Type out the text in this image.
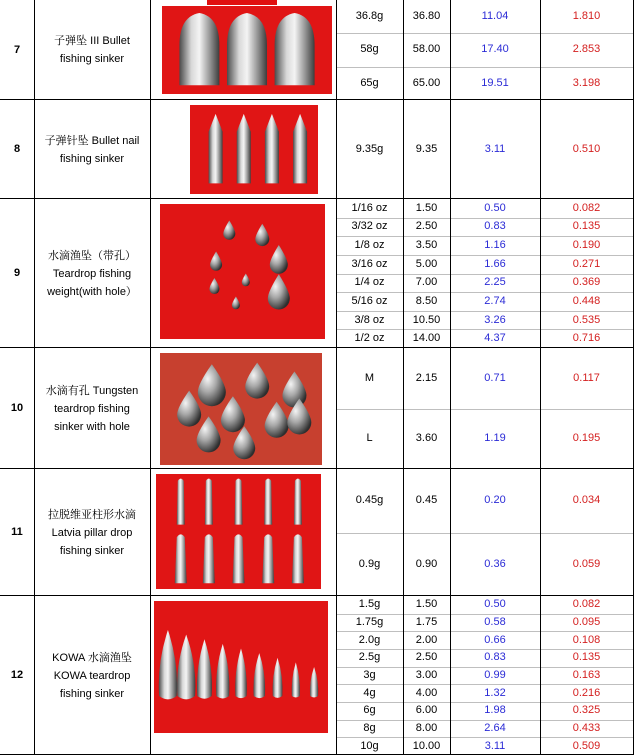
7
子弹坠 III Bullet
fishing sinker
36.8g	36.80	11.04	1.810
58g	58.00	17.40	2.853
65g	65.00	19.51	3.198
8
子弹针坠 Bullet nail
fishing sinker
9.35g	9.35	3.11	0.510
9
水滴渔坠（带孔）
Teardrop fishing
weight(with hole）
1/16 oz	1.50	0.50	0.082
3/32 oz	2.50	0.83	0.135
1/8 oz	3.50	1.16	0.190
3/16 oz	5.00	1.66	0.271
1/4 oz	7.00	2.25	0.369
5/16 oz	8.50	2.74	0.448
3/8 oz	10.50	3.26	0.535
1/2 oz	14.00	4.37	0.716
10
水滴有孔 Tungsten
teardrop fishing
sinker with hole
M	2.15	0.71	0.117
L	3.60	1.19	0.195
11
拉脱维亚柱形水滴
Latvia pillar drop
fishing sinker
0.45g	0.45	0.20	0.034
0.9g	0.90	0.36	0.059
12
KOWA 水滴渔坠
KOWA teardrop
fishing sinker
1.5g	1.50	0.50	0.082
1.75g	1.75	0.58	0.095
2.0g	2.00	0.66	0.108
2.5g	2.50	0.83	0.135
3g	3.00	0.99	0.163
4g	4.00	1.32	0.216
6g	6.00	1.98	0.325
8g	8.00	2.64	0.433
10g	10.00	3.11	0.509
